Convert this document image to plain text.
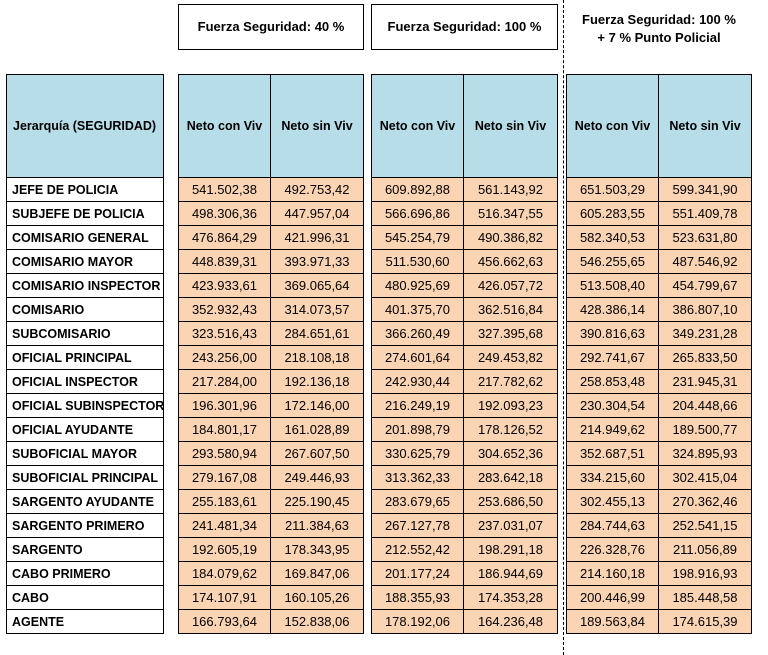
Fuerza Seguridad: 40 %	Fuerza Seguridad: 100 %	Fuerza Seguridad: 100 %
+ 7 % Punto Policial
Jerarquía (SEGURIDAD)	Neto con Viv	Neto sin Viv	Neto con Viv	Neto sin Viv	Neto con Viv	Neto sin Viv
JEFE DE POLICIA	541.502,38	492.753,42	609.892,88	561.143,92	651.503,29	599.341,90
SUBJEFE DE POLICIA	498.306,36	447.957,04	566.696,86	516.347,55	605.283,55	551.409,78
COMISARIO GENERAL	476.864,29	421.996,31	545.254,79	490.386,82	582.340,53	523.631,80
COMISARIO MAYOR	448.839,31	393.971,33	511.530,60	456.662,63	546.255,65	487.546,92
COMISARIO INSPECTOR	423.933,61	369.065,64	480.925,69	426.057,72	513.508,40	454.799,67
COMISARIO	352.932,43	314.073,57	401.375,70	362.516,84	428.386,14	386.807,10
SUBCOMISARIO	323.516,43	284.651,61	366.260,49	327.395,68	390.816,63	349.231,28
OFICIAL PRINCIPAL	243.256,00	218.108,18	274.601,64	249.453,82	292.741,67	265.833,50
OFICIAL INSPECTOR	217.284,00	192.136,18	242.930,44	217.782,62	258.853,48	231.945,31
OFICIAL SUBINSPECTOR	196.301,96	172.146,00	216.249,19	192.093,23	230.304,54	204.448,66
OFICIAL AYUDANTE	184.801,17	161.028,89	201.898,79	178.126,52	214.949,62	189.500,77
SUBOFICIAL MAYOR	293.580,94	267.607,50	330.625,79	304.652,36	352.687,51	324.895,93
SUBOFICIAL PRINCIPAL	279.167,08	249.446,93	313.362,33	283.642,18	334.215,60	302.415,04
SARGENTO AYUDANTE	255.183,61	225.190,45	283.679,65	253.686,50	302.455,13	270.362,46
SARGENTO PRIMERO	241.481,34	211.384,63	267.127,78	237.031,07	284.744,63	252.541,15
SARGENTO	192.605,19	178.343,95	212.552,42	198.291,18	226.328,76	211.056,89
CABO PRIMERO	184.079,62	169.847,06	201.177,24	186.944,69	214.160,18	198.916,93
CABO	174.107,91	160.105,26	188.355,93	174.353,28	200.446,99	185.448,58
AGENTE	166.793,64	152.838,06	178.192,06	164.236,48	189.563,84	174.615,39
